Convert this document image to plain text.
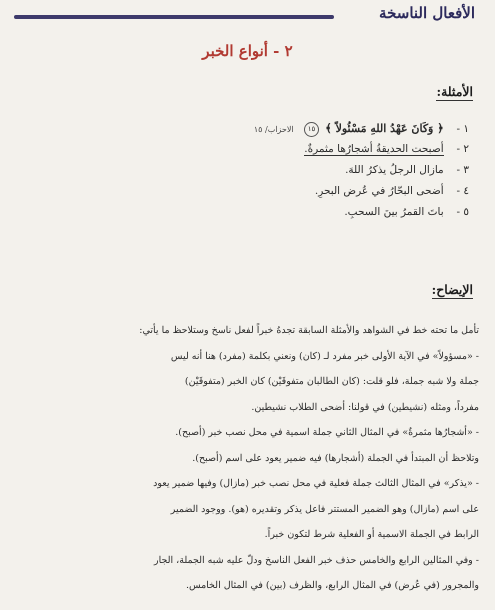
الأفعال الناسخة
٢ - أنواع الخبر
الأمثلة:
١ - ﴿ وَكَانَ عَهْدُ اللهِ مَسْئُولاً ﴾ ١٥ الاحزاب/ ١٥
٢ - أصبحت الحديقةُ أشجارُها مثمرةٌ.
٣ - مازال الرجلُ يذكرُ اللهَ.
٤ - أضحى البحّارُ في عُرض البحرِ.
٥ - باتَ القمرُ بينَ السحبِ.
الإيضاح:
تأمل ما تحته خط في الشواهد والأمثلة السابقة تجدهُ خبراً لفعل ناسخ وستلاحظ ما يأتي:
- «مسؤولاً» في الآية الأولى خبر مفرد لـ (كان) ونعني بكلمة (مفرد) هنا أنه ليس
جملة ولا شبه جملة، فلو قلت: (كان الطالبان متفوقَيْن) كان الخبر (متفوقَيْن)
مفرداً، ومثله (نشيطين) في قولنا: أضحى الطلاب نشيطين.
- «أشجارُها مثمرةٌ» في المثال الثاني جملة اسمية في محل نصب خبر (أصبح).
وتلاحظ أن المبتدأ في الجملة (أشجارها) فيه ضمير يعود على اسم (أصبح).
- «يذكر» في المثال الثالث جملة فعلية في محل نصب خبر (مازال) وفيها ضمير يعود
على اسم (مازال) وهو الضمير المستتر فاعل يذكر وتقديره (هو). ووجود الضمير
الرابط في الجملة الاسمية أو الفعلية شرط لتكون خبراً.
- وفي المثالين الرابع والخامس حذف خبر الفعل الناسخ ودلّ عليه شبه الجملة، الجار
والمجرور (في عُرض) في المثال الرابع، والظرف (بين) في المثال الخامس.
